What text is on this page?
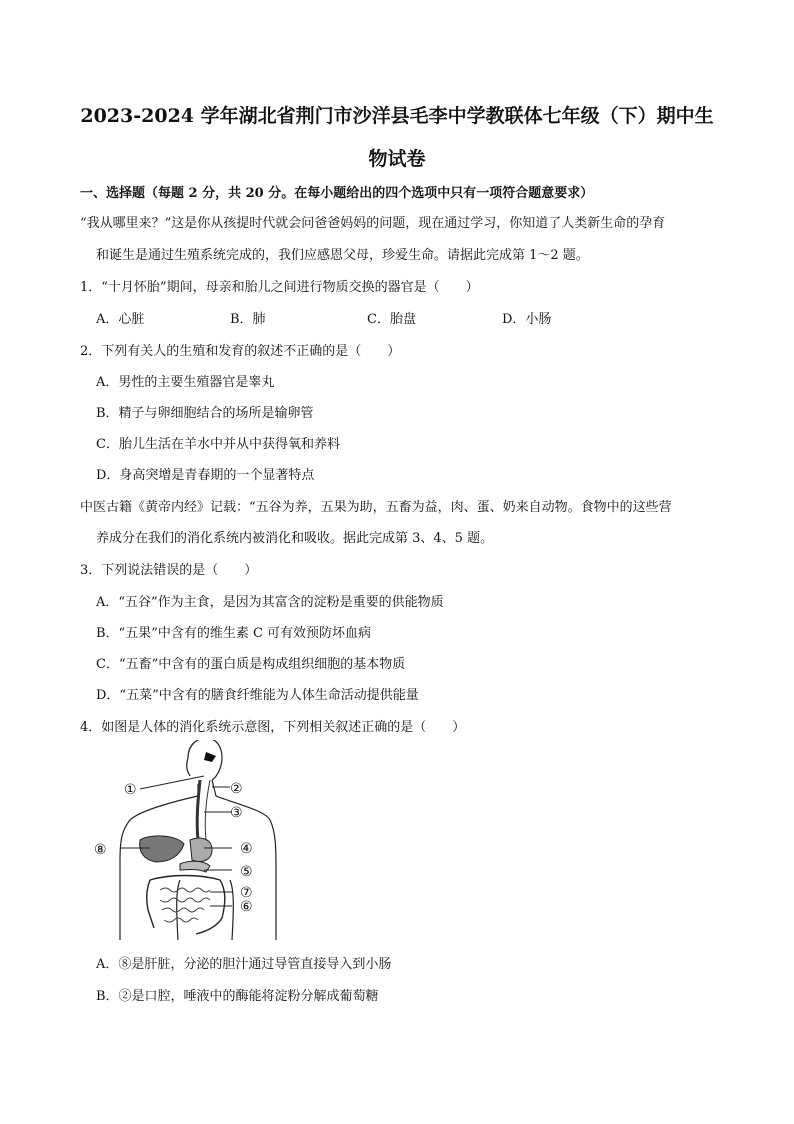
2023-2024 学年湖北省荆门市沙洋县毛李中学教联体七年级（下）期中生
物试卷
一、选择题（每题 2 分，共 20 分。在每小题给出的四个选项中只有一项符合题意要求）
“我从哪里来？”这是你从孩提时代就会问爸爸妈妈的问题，现在通过学习，你知道了人类新生命的孕育
和诞生是通过生殖系统完成的，我们应感恩父母，珍爱生命。请据此完成第 1～2 题。
1．“十月怀胎”期间，母亲和胎儿之间进行物质交换的器官是（　　）
A．心脏	B．肺	C．胎盘	D．小肠
2．下列有关人的生殖和发育的叙述不正确的是（　　）
A．男性的主要生殖器官是睾丸
B．精子与卵细胞结合的场所是输卵管
C．胎儿生活在羊水中并从中获得氧和养料
D．身高突增是青春期的一个显著特点
中医古籍《黄帝内经》记载：“五谷为养，五果为助，五畜为益，肉、蛋、奶来自动物。食物中的这些营
养成分在我们的消化系统内被消化和吸收。据此完成第 3、4、5 题。
3．下列说法错误的是（　　）
A．“五谷”作为主食，是因为其富含的淀粉是重要的供能物质
B．“五果”中含有的维生素 C 可有效预防坏血病
C．“五畜”中含有的蛋白质是构成组织细胞的基本物质
D．“五菜”中含有的膳食纤维能为人体生命活动提供能量
4．如图是人体的消化系统示意图，下列相关叙述正确的是（　　）
①	②
③
④
⑤
⑦
⑥
⑧
A．⑧是肝脏，分泌的胆汁通过导管直接导入到小肠
B．②是口腔，唾液中的酶能将淀粉分解成葡萄糖
